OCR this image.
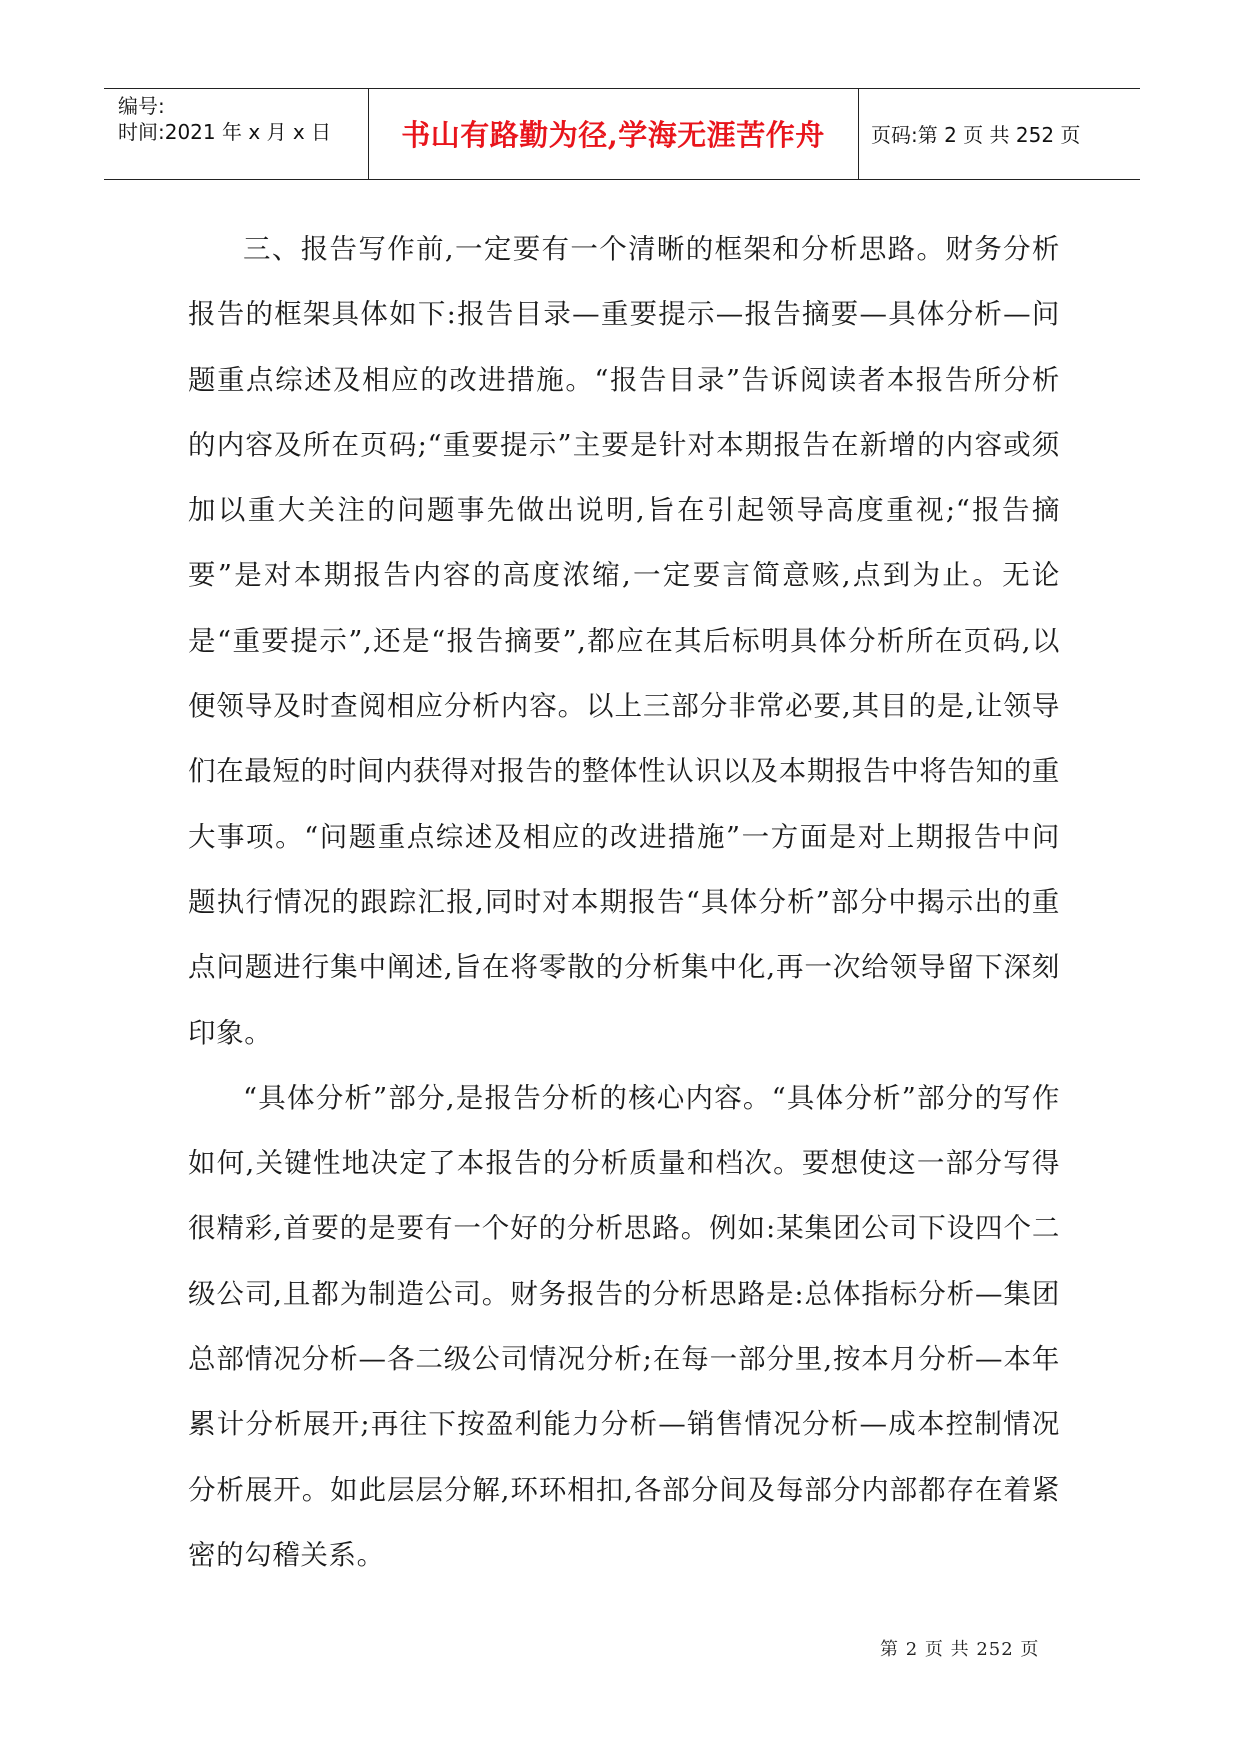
编号:
时间:2021 年 x 月 x 日	书山有路勤为径,学海无涯苦作舟	页码:第 2 页 共 252 页

三、报告写作前,一定要有一个清晰的框架和分析思路。财务分析报告的框架具体如下:报告目录—重要提示—报告摘要—具体分析—问题重点综述及相应的改进措施。“报告目录”告诉阅读者本报告所分析的内容及所在页码;“重要提示”主要是针对本期报告在新增的内容或须加以重大关注的问题事先做出说明,旨在引起领导高度重视;“报告摘要”是对本期报告内容的高度浓缩,一定要言简意赅,点到为止。无论是“重要提示”,还是“报告摘要”,都应在其后标明具体分析所在页码,以便领导及时查阅相应分析内容。以上三部分非常必要,其目的是,让领导们在最短的时间内获得对报告的整体性认识以及本期报告中将告知的重大事项。“问题重点综述及相应的改进措施”一方面是对上期报告中问题执行情况的跟踪汇报,同时对本期报告“具体分析”部分中揭示出的重点问题进行集中阐述,旨在将零散的分析集中化,再一次给领导留下深刻印象。

“具体分析”部分,是报告分析的核心内容。“具体分析”部分的写作如何,关键性地决定了本报告的分析质量和档次。要想使这一部分写得很精彩,首要的是要有一个好的分析思路。例如:某集团公司下设四个二级公司,且都为制造公司。财务报告的分析思路是:总体指标分析—集团总部情况分析—各二级公司情况分析;在每一部分里,按本月分析—本年累计分析展开;再往下按盈利能力分析—销售情况分析—成本控制情况分析展开。如此层层分解,环环相扣,各部分间及每部分内部都存在着紧密的勾稽关系。

第 2 页 共 252 页
